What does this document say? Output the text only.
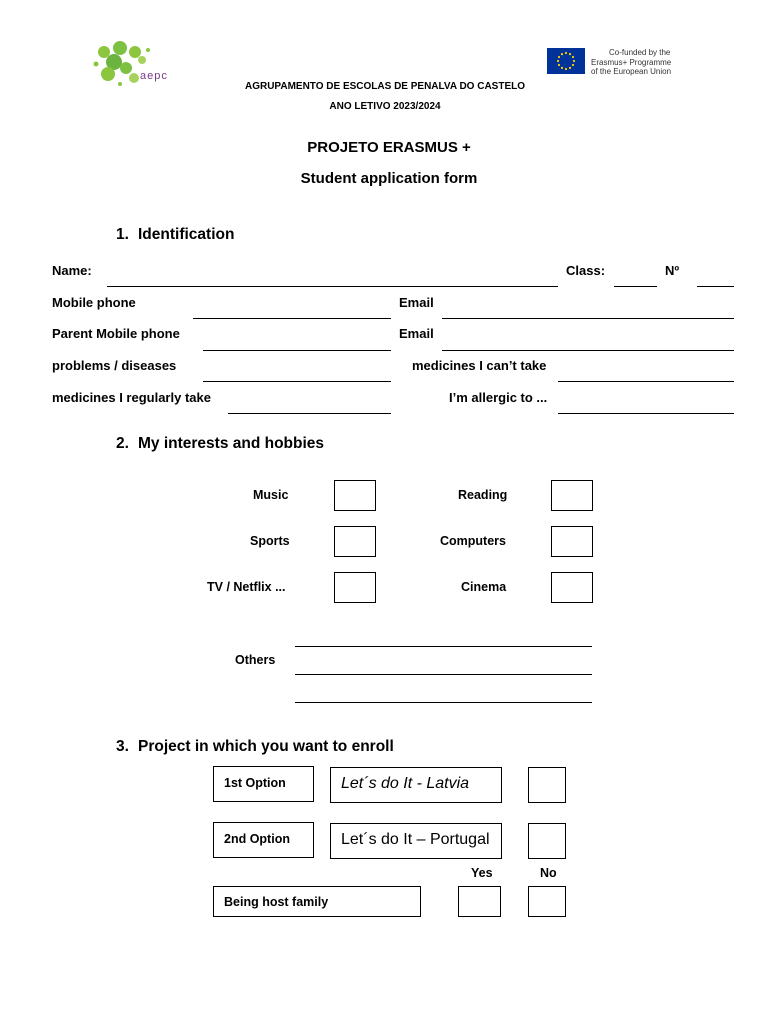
aepc
Co-funded by the
Erasmus+ Programme
of the European Union
AGRUPAMENTO DE ESCOLAS DE PENALVA DO CASTELO
ANO LETIVO 2023/2024
PROJETO ERASMUS +
Student application form
1. Identification
Name:	Class:	Nº
Mobile phone	Email
Parent Mobile phone	Email
problems / diseases	medicines I can’t take
medicines I regularly take	I’m allergic to ...
2. My interests and hobbies
Music	Reading
Sports	Computers
TV / Netflix ...	Cinema
Others
3. Project in which you want to enroll
1st Option	Let´s do It - Latvia
2nd Option	Let´s do It – Portugal
Yes	No
Being host family
